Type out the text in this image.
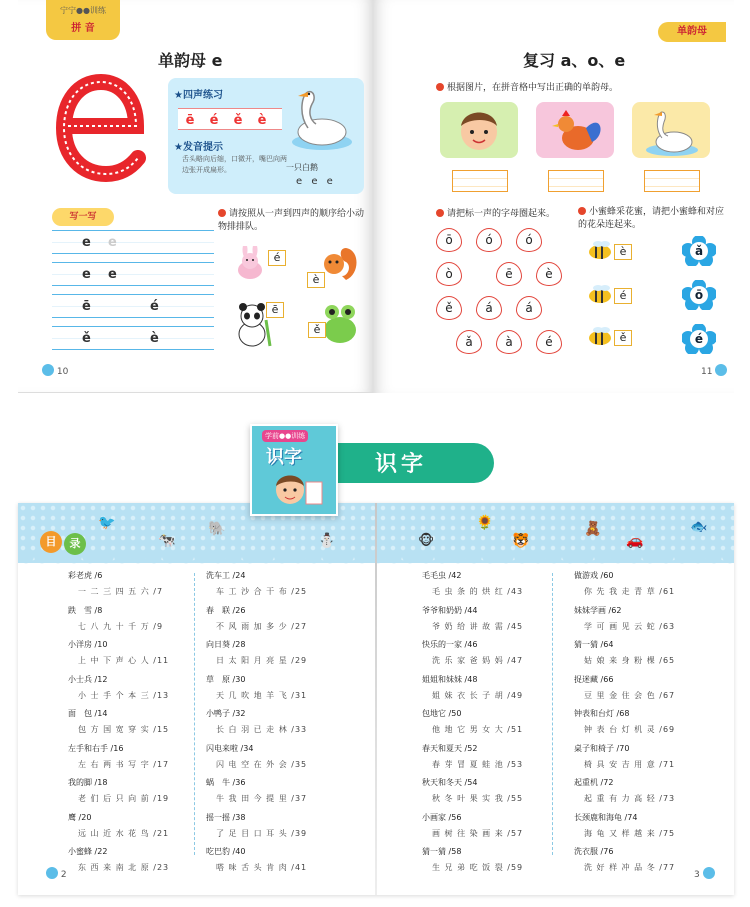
宁宁●●训练
拼 音
单韵母 e
★四声练习
ē é ě è
★发音提示
舌头略向后缩，口微开，嘴巴向两边张开成扁形。	一只白鹅
e e e
写一写
e e
e e
ē	é
ě	è
请按照从一声到四声的顺序给小动物排排队。
é
è
ē
ě
10	11
单韵母
复习 a、o、e
根据图片，在拼音格中写出正确的单韵母。
请把标一声的字母圈起来。	小蜜蜂采花蜜，请把小蜜蜂和对应的花朵连起来。
ō	ó	ó
ò	ē	è
ě	á	á
ǎ	à	é
è
é
ě
ǎ
ō
é
识字
目	录
🐦
🐄
🐘
⛄	🐵
🌻
🐯
🧸
🚗
🐟
2	3
彩老虎 /6
一 二 三 四 五 六 /7
跌　雪 /8
七 八 九 十 千 万 /9
小洋房 /10
上 中 下 声 心 人 /11
小士兵 /12
小 士 手 个 本 三 /13
面　包 /14
包 方 国 宽 穿 实 /15
左手和右手 /16
左 右 两 书 写 字 /17
我的脚 /18
老 们 后 只 向 前 /19
鹰 /20
远 山 近 水 花 鸟 /21
小蜜蜂 /22
东 西 来 南 北 原 /23
洗车工 /24
车 工 沙 合 干 布 /25
春　联 /26
不 风 雨 加 多 少 /27
向日葵 /28
日 太 阳 月 亮 星 /29
草　原 /30
天 几 吹 地 羊 飞 /31
小鸭子 /32
长 白 羽 已 走 林 /33
闪电来啦 /34
闪 电 空 在 外 会 /35
蜗　牛 /36
牛 我 田 今 提 里 /37
摇一摇 /38
了 足 目 口 耳 头 /39
吃巴豹 /40
嗒 味 舌 头 肯 肉 /41
毛毛虫 /42
毛 虫 条 的 烘 红 /43
爷爷和奶奶 /44
爷 奶 给 讲 故 需 /45
快乐的一家 /46
洗 乐 家 爸 妈 妈 /47
姐姐和妹妹 /48
姐 妹 衣 长 子 胡 /49
包地它 /50
他 地 它 男 女 大 /51
春天和夏天 /52
春 芽 冒 夏 蛙 池 /53
秋天和冬天 /54
秋 冬 叶 果 实 我 /55
小画家 /56
画 树 往 染 画 来 /57
猜一猜 /58
生 兄 弟 吃 饭 裂 /59
做游戏 /60
你 先 我 走 青 草 /61
妹妹学画 /62
学 可 画 见 云 蛇 /63
猜一猜 /64
姑 娘 来 身 粉 棵 /65
捉迷藏 /66
豆 里 金 住 会 色 /67
钟表和台灯 /68
钟 表 台 灯 机 灵 /69
桌子和椅子 /70
椅 具 安 吉 用 意 /71
起重机 /72
起 重 有 力 高 轻 /73
长颈鹿和海龟 /74
海 龟 又 样 越 来 /75
洗衣服 /76
洗 好 样 冲 品 冬 /77
学前●●训练
识字
